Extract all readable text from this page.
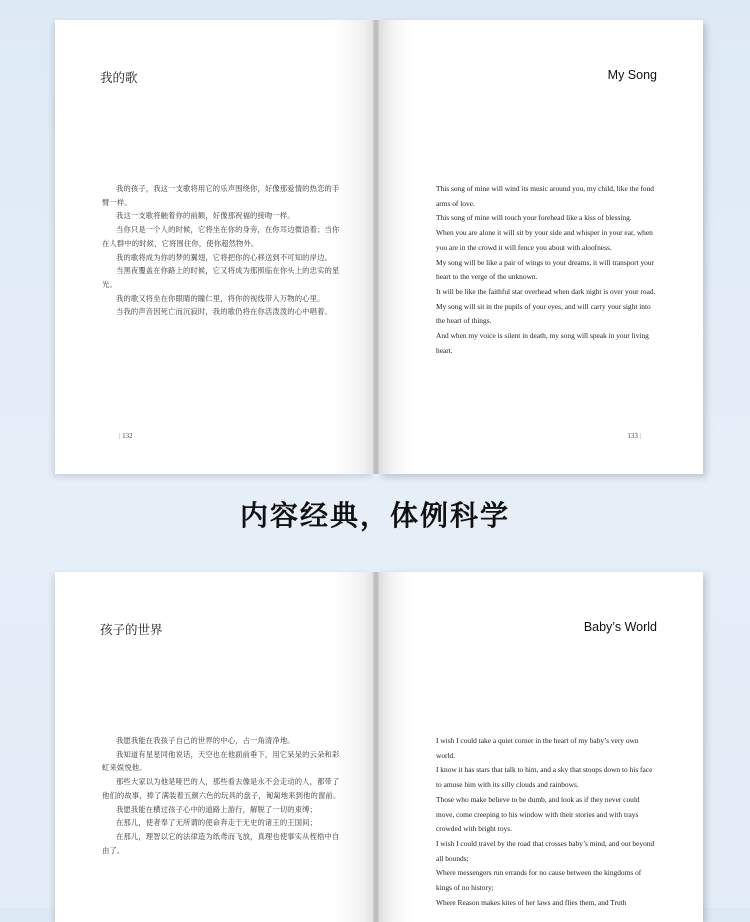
我的歌

我的孩子，我这一支歌将用它的乐声围绕你，好像那爱情的热恋的手臂一样。

我这一支歌将触着你的前额，好像那祝福的接吻一样。

当你只是一个人的时候，它将坐在你的身旁，在你耳边微语着；当你在人群中的时候，它将围住你，使你超然物外。

我的歌将成为你的梦的翼翅，它将把你的心移送到不可知的岸边。

当黑夜覆盖在你路上的时候，它又将成为那照临在你头上的忠实的星光。

我的歌又将坐在你眼睛的瞳仁里，将你的视线带入万物的心里。

当我的声音因死亡而沉寂时，我的歌仍将在你活泼泼的心中唱着。

| 132
My Song

This song of mine will wind its music around you, my child, like the fond arms of love.

This song of mine will touch your forehead like a kiss of blessing.

When you are alone it will sit by your side and whisper in your ear, when you are in the crowd it will fence you about with aloofness.

My song will be like a pair of wings to your dreams, it will transport your heart to the verge of the unknown.

It will be like the faithful star overhead when dark night is over your road.

My song will sit in the pupils of your eyes, and will carry your sight into the heart of things.

And when my voice is silent in death, my song will speak in your living heart.

133 |
内容经典，体例科学
孩子的世界

我愿我能在我孩子自己的世界的中心，占一角清净地。

我知道有星星同他说话，天空也在他面前垂下，用它呆呆的云朵和彩虹来娱悦他。

那些大家以为他是哑巴的人，那些看去像是永不会走动的人，都带了他们的故事，捧了满装着五颜六色的玩具的盘子，匍匐地来到他的窗前。

我愿我能在横过孩子心中的道路上游行，解脱了一切的束缚；

在那儿，使者奉了无所谓的使命奔走于无史的诸王的王国间；

在那儿，理智以它的法律造为纸鸢而飞放，真理也使事实从桎梏中自由了。

Baby’s World

I wish I could take a quiet corner in the heart of my baby’s very own world.

I know it has stars that talk to him, and a sky that stoops down to his face to amuse him with its silly clouds and rainbows.

Those who make believe to be dumb, and look as if they never could move, come creeping to his window with their stories and with trays crowded with bright toys.

I wish I could travel by the road that crosses baby’s mind, and out beyond all bounds;

Where messengers run errands for no cause between the kingdoms of kings of no history;

Where Reason makes kites of her laws and flies them, and Truth
